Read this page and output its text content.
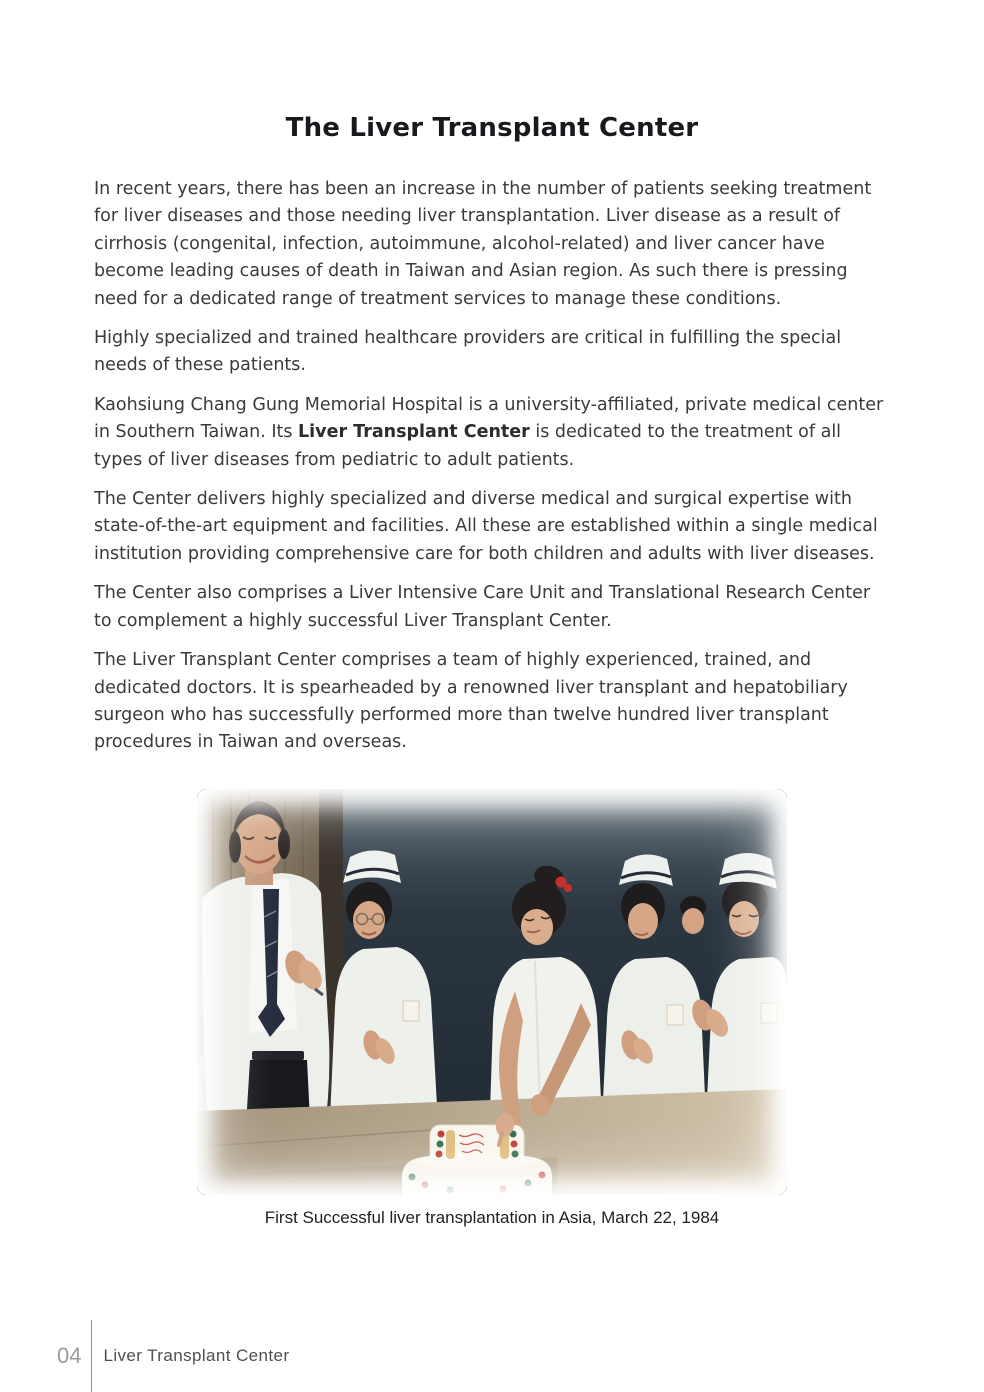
The Liver Transplant Center

In recent years, there has been an increase in the number of patients seeking treatment for liver diseases and those needing liver transplantation. Liver disease as a result of cirrhosis (congenital, infection, autoimmune, alcohol-related) and liver cancer have become leading causes of death in Taiwan and Asian region. As such there is pressing need for a dedicated range of treatment services to manage these conditions.

Highly specialized and trained healthcare providers are critical in fulfilling the special needs of these patients.

Kaohsiung Chang Gung Memorial Hospital is a university-affiliated, private medical center in Southern Taiwan. Its Liver Transplant Center is dedicated to the treatment of all types of liver diseases from pediatric to adult patients.

The Center delivers highly specialized and diverse medical and surgical expertise with state-of-the-art equipment and facilities. All these are established within a single medical institution providing comprehensive care for both children and adults with liver diseases.

The Center also comprises a Liver Intensive Care Unit and Translational Research Center to complement a highly successful Liver Transplant Center.

The Liver Transplant Center comprises a team of highly experienced, trained, and dedicated doctors. It is spearheaded by a renowned liver transplant and hepatobiliary surgeon who has successfully performed more than twelve hundred liver transplant procedures in Taiwan and overseas.

First Successful liver transplantation in Asia, March 22, 1984
04	Liver Transplant Center
